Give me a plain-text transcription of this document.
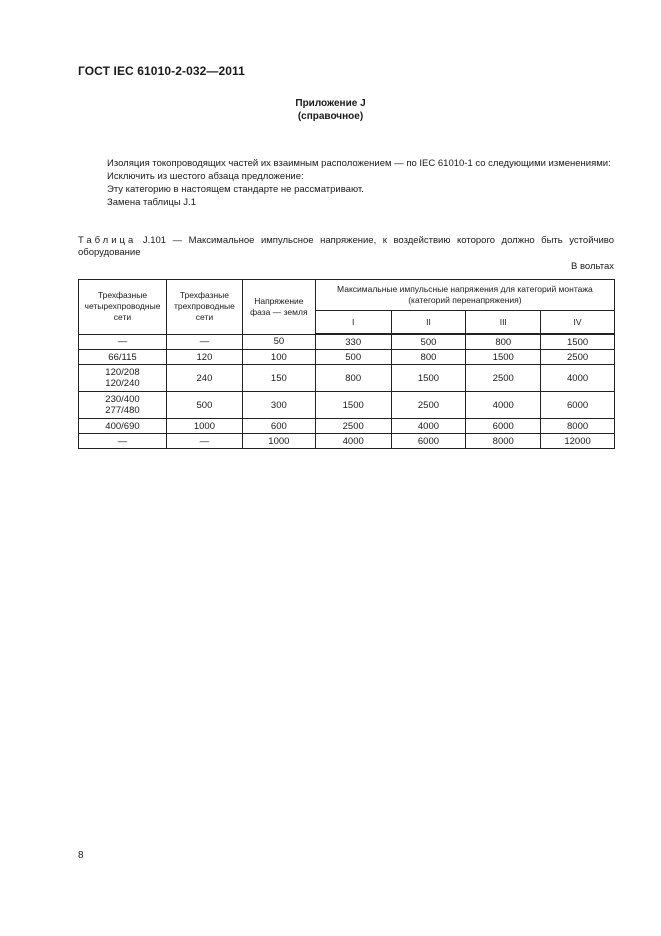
ГОСТ IEC 61010-2-032—2011
Приложение J
(справочное)

Изоляция токопроводящих частей их взаимным расположением — по IEC 61010-1 со следующими изменениями:

Исключить из шестого абзаца предложение:

Эту категорию в настоящем стандарте не рассматривают.

Замена таблицы J.1

Таблица J.101 — Максимальное импульсное напряжение, к воздействию которого должно быть устойчиво оборудование
В вольтах
Трехфазные четырехпроводные сети	Трехфазные трехпроводные сети	Напряжение фаза — земля	Максимальные импульсные напряжения для категорий монтажа (категорий перенапряжения)			
			I	II	III	IV
—	—	50	330	500	800	1500
66/115	120	100	500	800	1500	2500
120/208
120/240	240	150	800	1500	2500	4000
230/400
277/480	500	300	1500	2500	4000	6000
400/690	1000	600	2500	4000	6000	8000
—	—	1000	4000	6000	8000	12000
8
